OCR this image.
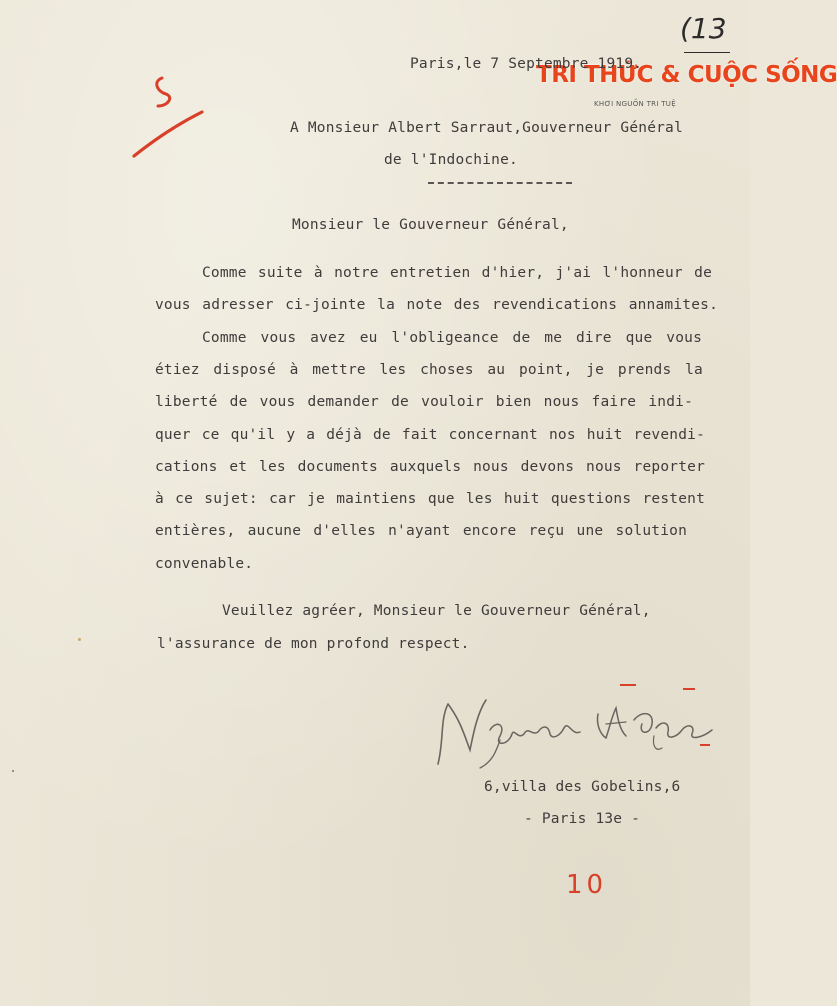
(13
TRI THỨC & CUỘC SỐNG
KHƠI NGUỒN TRI TUỆ
Paris,le 7 Septembre 1919.
A Monsieur Albert Sarraut,Gouverneur Général
de l'Indochine.
Monsieur le Gouverneur Général,
Comme suite à notre entretien d'hier, j'ai l'honneur de
vous adresser ci-jointe la note des revendications annamites.
Comme vous avez eu l'obligeance de me dire que vous
étiez disposé à mettre les choses au point, je prends la
liberté de vous demander de vouloir bien nous faire indi-
quer ce qu'il y a déjà de fait concernant nos huit revendi-
cations et les documents auxquels nous devons nous reporter
à ce sujet: car je maintiens que les huit questions restent
entières, aucune d'elles n'ayant encore reçu une solution
convenable.
Veuillez agréer, Monsieur le Gouverneur Général,
l'assurance de mon profond respect.
6,villa des Gobelins,6
- Paris 13e -
10
